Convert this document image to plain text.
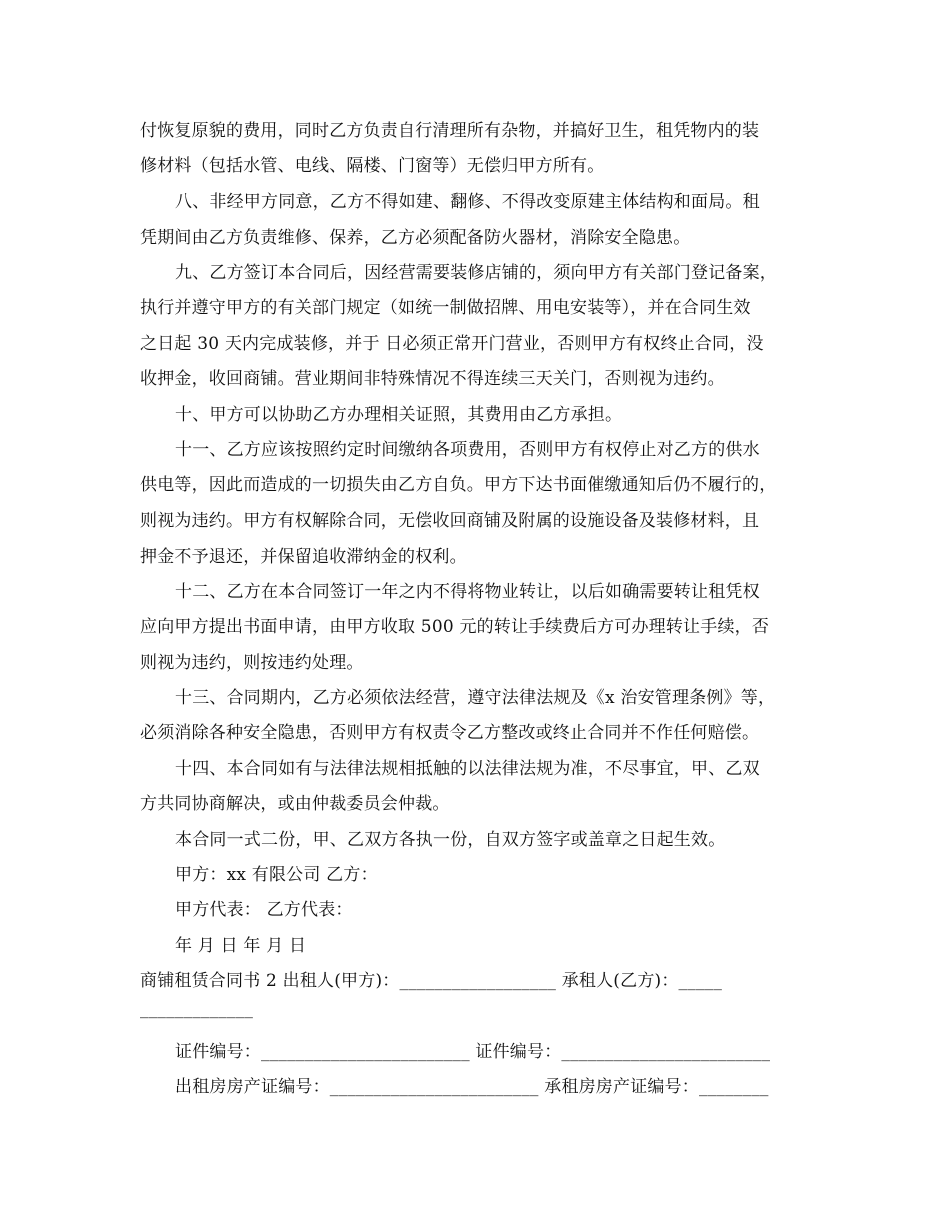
付恢复原貌的费用，同时乙方负责自行清理所有杂物，并搞好卫生，租凭物内的装
修材料（包括水管、电线、隔楼、门窗等）无偿归甲方所有。
八、非经甲方同意，乙方不得如建、翻修、不得改变原建主体结构和面局。租
凭期间由乙方负责维修、保养，乙方必须配备防火器材，消除安全隐患。
九、乙方签订本合同后，因经营需要装修店铺的，须向甲方有关部门登记备案，
执行并遵守甲方的有关部门规定（如统一制做招牌、用电安装等），并在合同生效
之日起 30 天内完成装修，并于 日必须正常开门营业，否则甲方有权终止合同，没
收押金，收回商铺。营业期间非特殊情况不得连续三天关门，否则视为违约。
十、甲方可以协助乙方办理相关证照，其费用由乙方承担。
十一、乙方应该按照约定时间缴纳各项费用，否则甲方有权停止对乙方的供水
供电等，因此而造成的一切损失由乙方自负。甲方下达书面催缴通知后仍不履行的，
则视为违约。甲方有权解除合同，无偿收回商铺及附属的设施设备及装修材料，且
押金不予退还，并保留追收滞纳金的权利。
十二、乙方在本合同签订一年之内不得将物业转让，以后如确需要转让租凭权
应向甲方提出书面申请，由甲方收取 500 元的转让手续费后方可办理转让手续，否
则视为违约，则按违约处理。
十三、合同期内，乙方必须依法经营，遵守法律法规及《x 治安管理条例》等，
必须消除各种安全隐患，否则甲方有权责令乙方整改或终止合同并不作任何赔偿。
十四、本合同如有与法律法规相抵触的以法律法规为准，不尽事宜，甲、乙双
方共同协商解决，或由仲裁委员会仲裁。
本合同一式二份，甲、乙双方各执一份，自双方签字或盖章之日起生效。
甲方：xx 有限公司 乙方：
甲方代表： 乙方代表：
年 月 日 年 月 日
商铺租赁合同书 2 出租人(甲方)：__________________ 承租人(乙方)：_____
_____________
证件编号：________________________ 证件编号：________________________
出租房房产证编号：________________________ 承租房房产证编号：________
